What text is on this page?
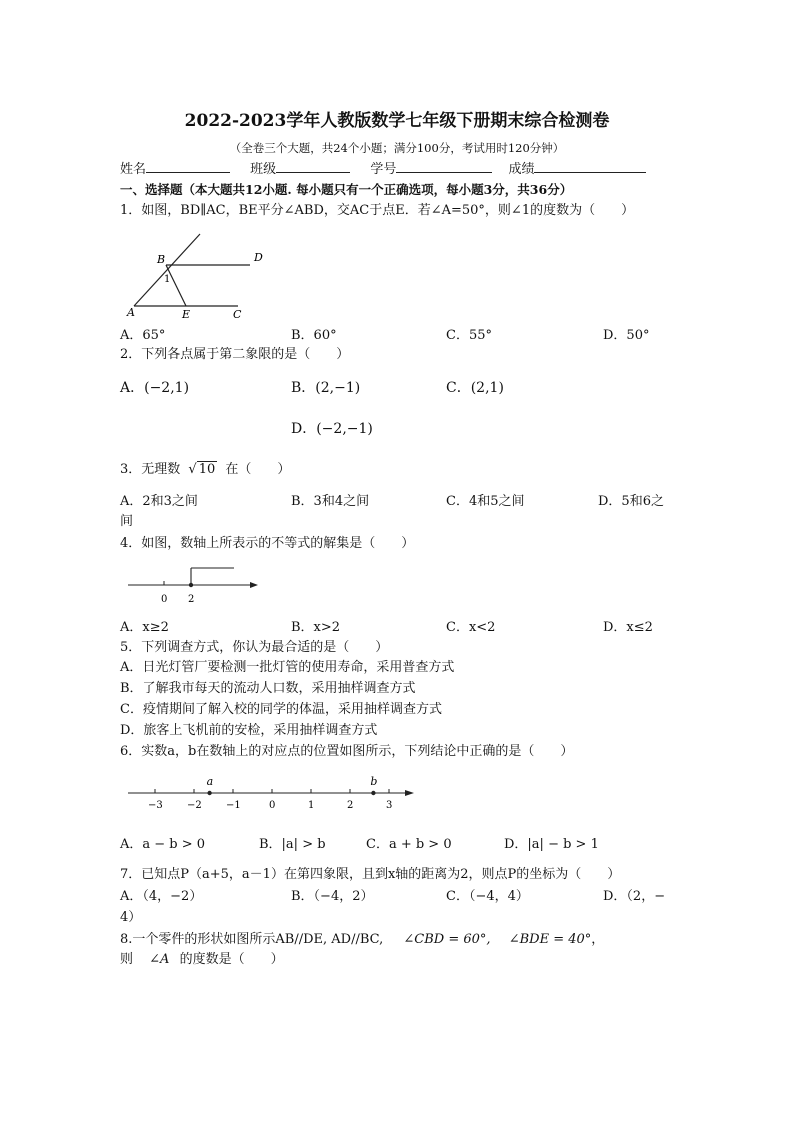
2022-2023学年人教版数学七年级下册期末综合检测卷
（全卷三个大题，共24个小题；满分100分，考试用时120分钟）
姓名	班级	学号	成绩
一、选择题（本大题共12小题. 每小题只有一个正确选项，每小题3分，共36分）
1．如图，BD∥AC，BE平分∠ABD，交AC于点E．若∠A=50°，则∠1的度数为（　　）
B	D
A	E	C
1
A．65°	B．60°	C．55°	D．50°
2．下列各点属于第二象限的是（　　）
A．(−2,1)	B．(2,−1)	C．(2,1)
D．(−2,−1)
3．无理数 √ 10 在（　　）
A．2和3之间	B．3和4之间	C．4和5之间	D．5和6之
间
4．如图，数轴上所表示的不等式的解集是（　　）
0 2
A．x≥2	B．x>2	C．x<2	D．x≤2
5．下列调查方式，你认为最合适的是（　　）
A．日光灯管厂要检测一批灯管的使用寿命，采用普查方式
B．了解我市每天的流动人口数，采用抽样调查方式
C．疫情期间了解入校的同学的体温，采用抽样调查方式
D．旅客上飞机前的安检，采用抽样调查方式
6．实数a，b在数轴上的对应点的位置如图所示，下列结论中正确的是（　　）
−3 −2 −1	0	1	2	3
a	b
A．a − b > 0	B．|a| > b	C．a + b > 0	D．|a| − b > 1
7．已知点P（a+5，a－1）在第四象限，且到x轴的距离为2，则点P的坐标为（　　）
A．（4，−2）	B．（−4，2）	C．（−4，4）	D．（2，−
4）
8.一个零件的形状如图所示AB//DE, AD//BC, ∠CBD = 60°, ∠BDE = 40°，
则 ∠A 的度数是（　　）
